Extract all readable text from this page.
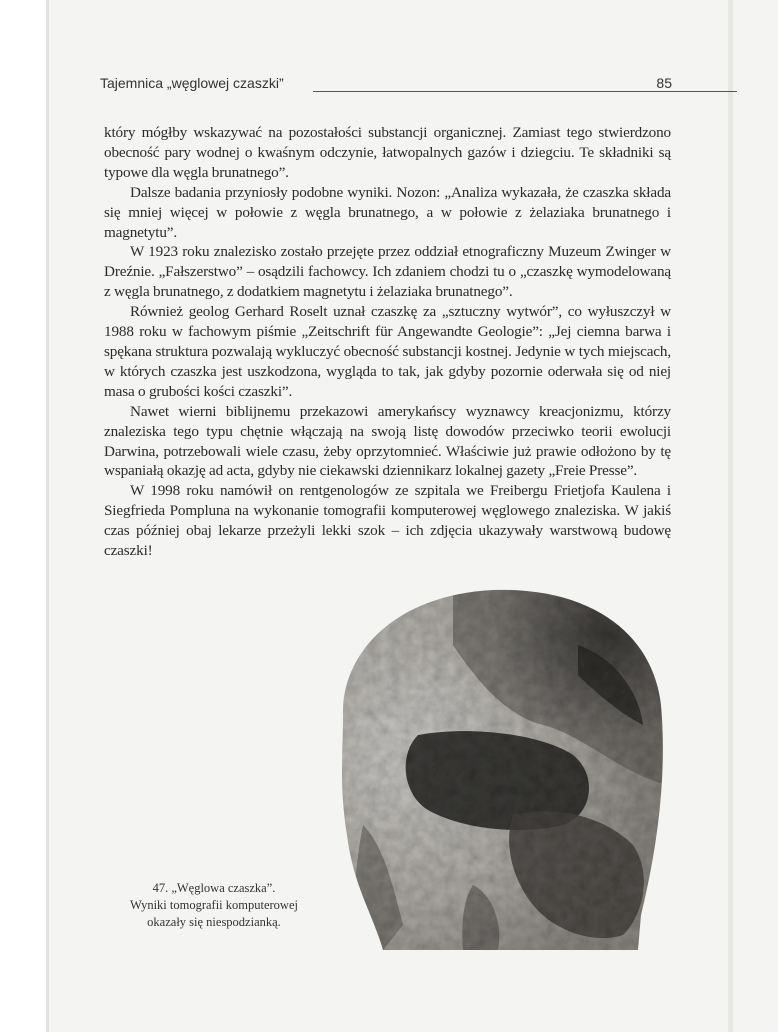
Tajemnica „węglowej czaszki”	85

który mógłby wskazywać na pozostałości substancji organicznej. Zamiast tego stwierdzono obecność pary wodnej o kwaśnym odczynie, łatwopalnych gazów i dziegciu. Te składniki są typowe dla węgla brunatnego”.

Dalsze badania przyniosły podobne wyniki. Nozon: „Analiza wykazała, że czaszka składa się mniej więcej w połowie z węgla brunatnego, a w połowie z żelaziaka brunatnego i magnetytu”.

W 1923 roku znalezisko zostało przejęte przez oddział etnograficzny Muzeum Zwinger w Dreźnie. „Fałszerstwo” – osądzili fachowcy. Ich zdaniem chodzi tu o „czaszkę wymodelowaną z węgla brunatnego, z dodatkiem magnetytu i żelaziaka brunatnego”.

Również geolog Gerhard Roselt uznał czaszkę za „sztuczny wytwór”, co wyłuszczył w 1988 roku w fachowym piśmie „Zeitschrift für Angewandte Geologie”: „Jej ciemna barwa i spękana struktura pozwalają wykluczyć obecność substancji kostnej. Jedynie w tych miejscach, w których czaszka jest uszkodzona, wygląda to tak, jak gdyby pozornie oderwała się od niej masa o grubości kości czaszki”.

Nawet wierni biblijnemu przekazowi amerykańscy wyznawcy kreacjonizmu, którzy znaleziska tego typu chętnie włączają na swoją listę dowodów przeciwko teorii ewolucji Darwina, potrzebowali wiele czasu, żeby oprzytomnieć. Właściwie już prawie odłożono by tę wspaniałą okazję ad acta, gdyby nie ciekawski dziennikarz lokalnej gazety „Freie Presse”.

W 1998 roku namówił on rentgenologów ze szpitala we Freibergu Frietjofa Kaulena i Siegfrieda Pompluna na wykonanie tomografii komputerowej węglowego znaleziska. W jakiś czas później obaj lekarze przeżyli lekki szok – ich zdjęcia ukazywały warstwową budowę czaszki!

47. „Węglowa czaszka”.
Wyniki tomografii komputerowej
okazały się niespodzianką.
